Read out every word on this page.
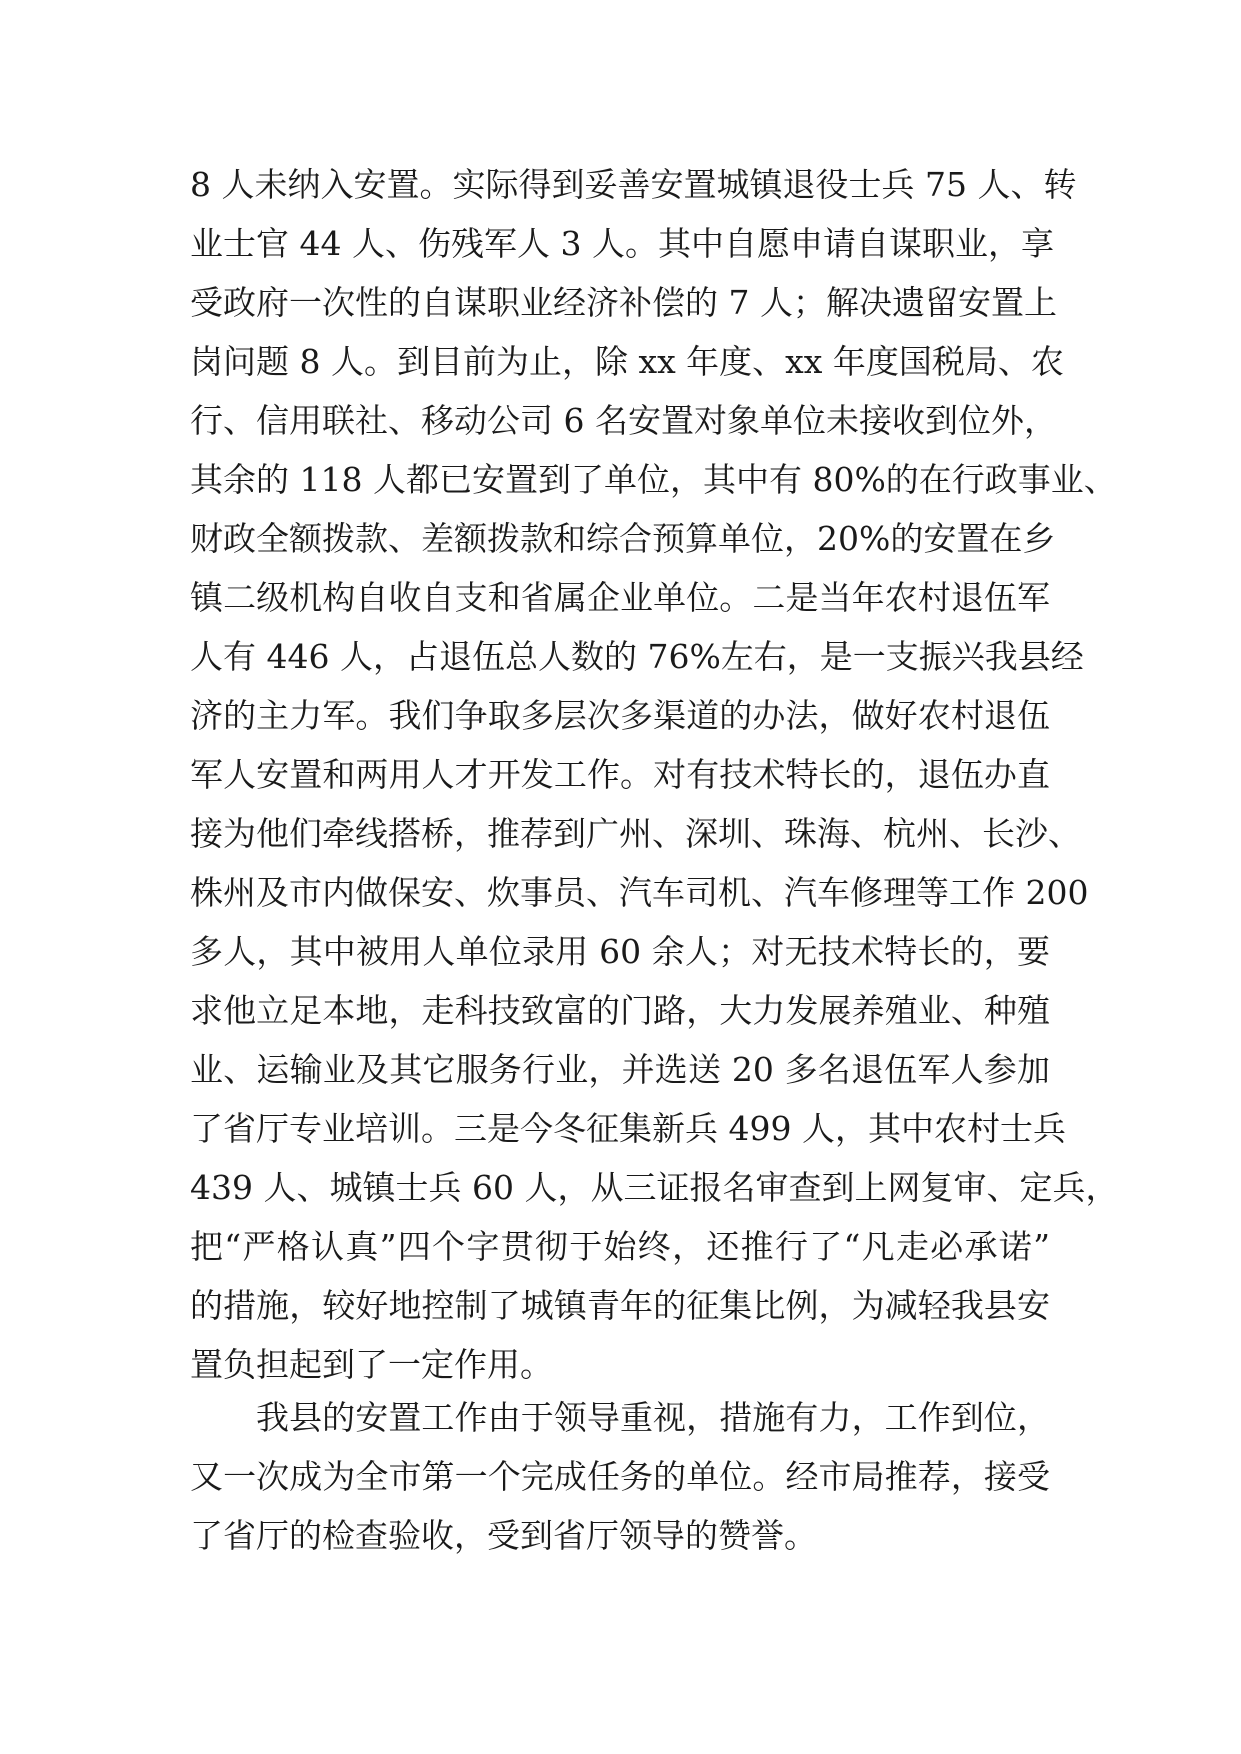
8 人未纳入安置。实际得到妥善安置城镇退役士兵 75 人、转
业士官 44 人、伤残军人 3 人。其中自愿申请自谋职业，享
受政府一次性的自谋职业经济补偿的 7 人；解决遗留安置上
岗问题 8 人。到目前为止，除 xx 年度、xx 年度国税局、农
行、信用联社、移动公司 6 名安置对象单位未接收到位外，
其余的 118 人都已安置到了单位，其中有 80%的在行政事业、
财政全额拨款、差额拨款和综合预算单位，20%的安置在乡
镇二级机构自收自支和省属企业单位。二是当年农村退伍军
人有 446 人，占退伍总人数的 76%左右，是一支振兴我县经
济的主力军。我们争取多层次多渠道的办法，做好农村退伍
军人安置和两用人才开发工作。对有技术特长的，退伍办直
接为他们牵线搭桥，推荐到广州、深圳、珠海、杭州、长沙、
株州及市内做保安、炊事员、汽车司机、汽车修理等工作 200
多人，其中被用人单位录用 60 余人；对无技术特长的，要
求他立足本地，走科技致富的门路，大力发展养殖业、种殖
业、运输业及其它服务行业，并选送 20 多名退伍军人参加
了省厅专业培训。三是今冬征集新兵 499 人，其中农村士兵
439 人、城镇士兵 60 人，从三证报名审查到上网复审、定兵，
把“严格认真”四个字贯彻于始终，还推行了“凡走必承诺”
的措施，较好地控制了城镇青年的征集比例，为减轻我县安
置负担起到了一定作用。
我县的安置工作由于领导重视，措施有力，工作到位，
又一次成为全市第一个完成任务的单位。经市局推荐，接受
了省厅的检查验收，受到省厅领导的赞誉。
